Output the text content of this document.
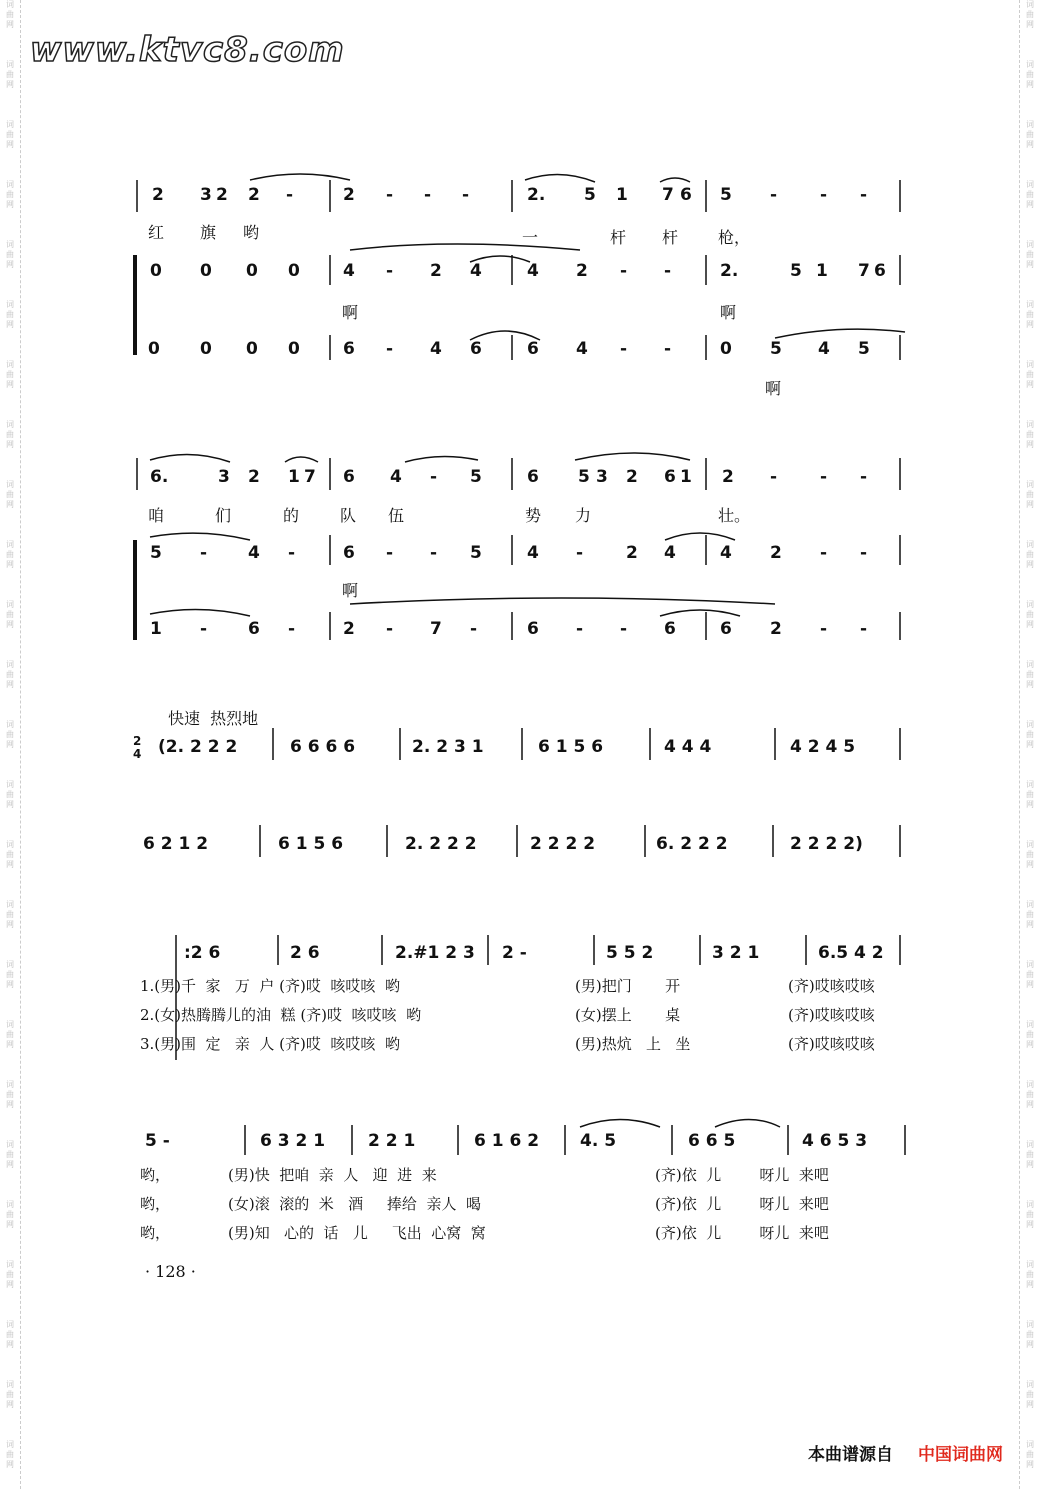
词
曲
网
词
曲
网
词
曲
网
词
曲
网
词
曲
网
词
曲
网
词
曲
网
词
曲
网
词
曲
网
词
曲
网
词
曲
网
词
曲
网
词
曲
网
词
曲
网
词
曲
网
词
曲
网
词
曲
网
词
曲
网
词
曲
网
词
曲
网
词
曲
网
词
曲
网
词
曲
网
词
曲
网
词
曲
网
词
曲
网
词
曲
网
词
曲
网
词
曲
网
词
曲
网
词
曲
网
词
曲
网
词
曲
网
词
曲
网
词
曲
网
词
曲
网
词
曲
网
词
曲
网
词
曲
网
词
曲
网
词
曲
网
词
曲
网
词
曲
网
词
曲
网
词
曲
网
词
曲
网
词
曲
网
词
曲
网
词
曲
网
词
曲
网
www.ktvc8.com
2 3 2 2 -	2 - - -	2. 5 1 7 6 5 -	- -
0 0 0 0	4 - 2 4	4 2 - -	2.	5 1 7 6
0 0 0 0	6 - 4 6	6 4 - -	0 5 4 5
6.	3 2 1 7 6 4 - 5	6 5 3 2 6 1 2 -	- -
5 - 4 -	6 - - 5	4 -	2 4	4 2 - -
1 - 6 -	2 - 7 -	6 - - 6	6 2 - -
2
4 (2. 2 2 2	6 6 6 6	2. 2 3 1	6 1 5 6	4 4 4	4 2 4 5
6 2 1 2	6 1 5 6	2. 2 2 2	2 2 2 2	6. 2 2 2	2 2 2 2)
:2 6	2 6	2.#1 2 3 2 -	5 5 2	3 2 1	6.5 4 2
5 -	6 3 2 1	2 2 1	6 1 6 2 4. 5	6 6 5	4 6 5 3
红 旗 哟	一	杆 杆 枪，
啊	啊
啊
咱	们	的	队 伍	势 力	壮。
啊
快速  热烈地
1.(男)千  家   万  户 (齐)哎  咳哎咳  哟	(男)把门       开	(齐)哎咳哎咳
2.(女)热腾腾儿的油  糕 (齐)哎  咳哎咳  哟	(女)摆上       桌	(齐)哎咳哎咳
3.(男)围  定   亲  人 (齐)哎  咳哎咳  哟	(男)热炕   上   坐	(齐)哎咳哎咳
哟，	(男)快  把咱  亲  人   迎  进  来	(齐)依  儿        呀儿  来吧
哟，	(女)滚  滚的  米   酒     捧给  亲人  喝	(齐)依  儿        呀儿  来吧
哟，	(男)知   心的  话   儿     飞出  心窝  窝	(齐)依  儿        呀儿  来吧
· 128 ·
本曲谱源自 中国词曲网
